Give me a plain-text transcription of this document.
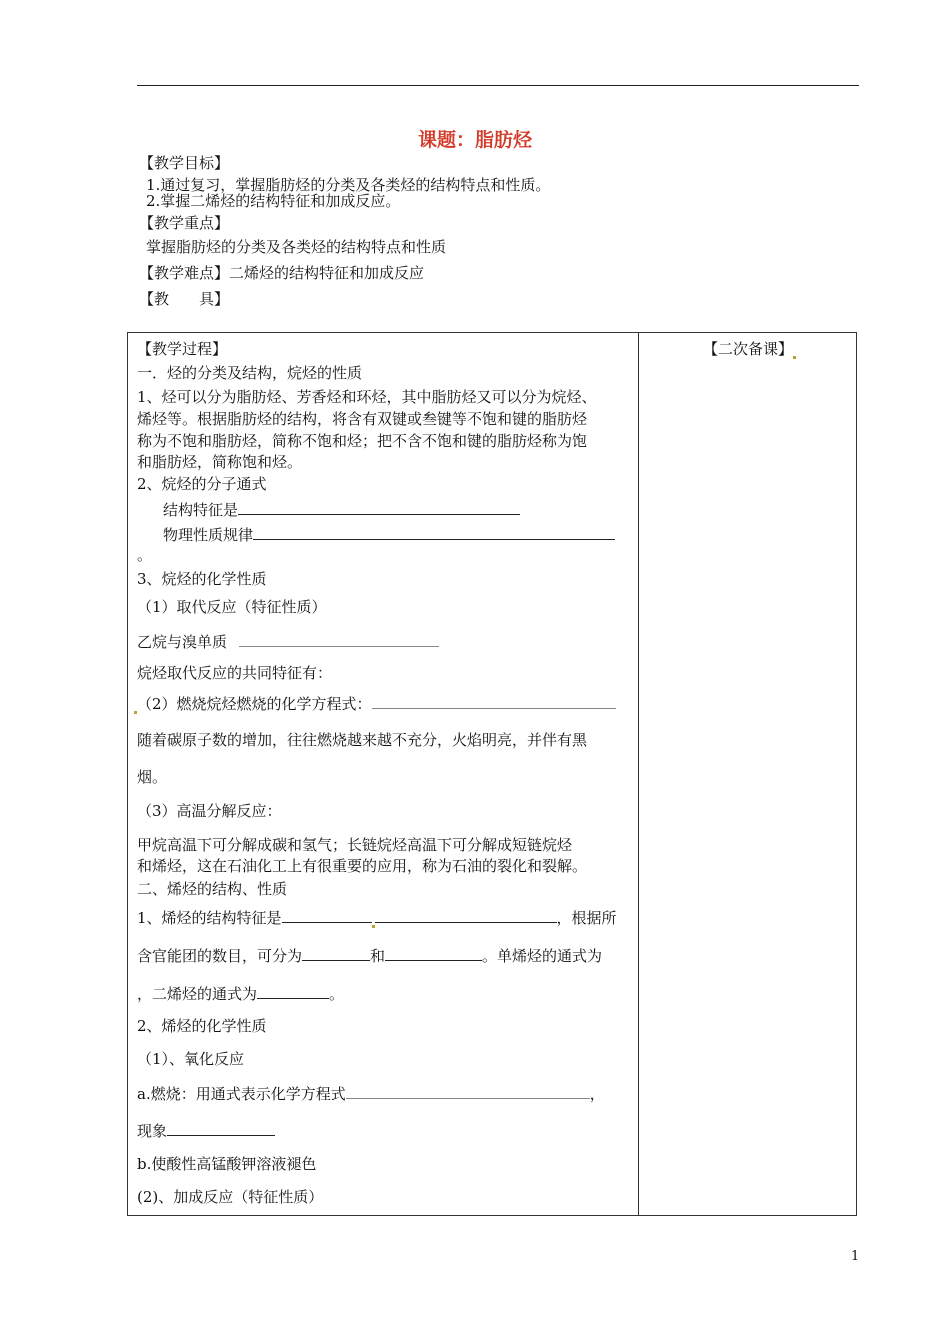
课题：脂肪烃
【教学目标】
1.通过复习，掌握脂肪烃的分类及各类烃的结构特点和性质。
2.掌握二烯烃的结构特征和加成反应。
【教学重点】
掌握脂肪烃的分类及各类烃的结构特点和性质
【教学难点】二烯烃的结构特征和加成反应
【教　　具】
【教学过程】	【二次备课】
一．烃的分类及结构，烷烃的性质
1、烃可以分为脂肪烃、芳香烃和环烃，其中脂肪烃又可以分为烷烃、
烯烃等。根据脂肪烃的结构，将含有双键或叁键等不饱和键的脂肪烃
称为不饱和脂肪烃，简称不饱和烃；把不含不饱和键的脂肪烃称为饱
和脂肪烃，简称饱和烃。
2、烷烃的分子通式
结构特征是
物理性质规律
。
3、烷烃的化学性质
（1）取代反应（特征性质）
乙烷与溴单质
烷烃取代反应的共同特征有：
（2）燃烧烷烃燃烧的化学方程式：
随着碳原子数的增加，往往燃烧越来越不充分，火焰明亮，并伴有黑
烟。
（3）高温分解反应：
甲烷高温下可分解成碳和氢气；长链烷烃高温下可分解成短链烷烃
和烯烃，这在石油化工上有很重要的应用，称为石油的裂化和裂解。
二、烯烃的结构、性质
1、烯烃的结构特征是	，根据所
含官能团的数目，可分为	和	。单烯烃的通式为
，二烯烃的通式为	。
2、烯烃的化学性质
（1）、氧化反应
a.燃烧：用通式表示化学方程式	，
现象
b.使酸性高锰酸钾溶液褪色
(2)、加成反应（特征性质）
1
